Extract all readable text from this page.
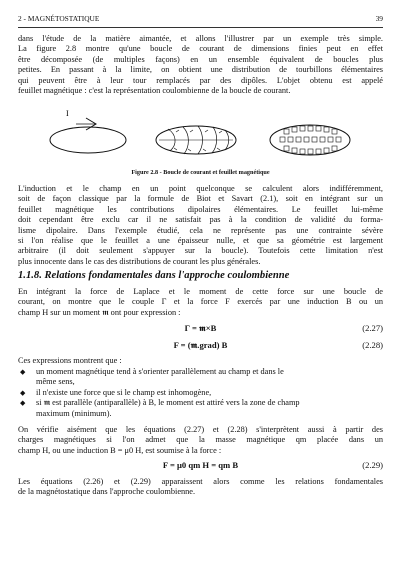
2 - MAGNÉTOSTATIQUE	39
dans l'étude de la matière aimantée, et allons l'illustrer par un exemple très simple.
La figure 2.8 montre qu'une boucle de courant de dimensions finies peut en effet
être décomposée (de multiples façons) en un ensemble équivalent de boucles plus
petites. En passant à la limite, on obtient une distribution de tourbillons élémentaires
qui peuvent être à leur tour remplacés par des dipôles. L'objet obtenu est appelé
feuillet magnétique : c'est la représentation coulombienne de la boucle de courant.
I
Figure 2.8 - Boucle de courant et feuillet magnétique
L'induction et le champ en un point quelconque se calculent alors indifféremment,
soit de façon classique par la formule de Biot et Savart (2.1), soit en intégrant sur un
feuillet magnétique les contributions dipolaires élémentaires. Le feuillet lui-même
doit cependant être exclu car il ne satisfait pas à la condition de validité du forma-
lisme dipolaire. Dans l'exemple étudié, cela ne représente pas une contrainte sévère
si l'on réalise que le feuillet a une épaisseur nulle, et que sa géométrie est largement
arbitraire (il doit seulement s'appuyer sur la boucle). Toutefois cette limitation n'est
plus innocente dans le cas des distributions de courant les plus générales.
1.1.8. Relations fondamentales dans l'approche coulombienne
En intégrant la force de Laplace et le moment de cette force sur une boucle de
courant, on montre que le couple Γ et la force F exercés par une induction B ou un
champ H sur un moment 𝖒 ont pour expression :
Γ = 𝖒×B	(2.27)
F = (𝖒.grad) B	(2.28)
Ces expressions montrent que :
◆ un moment magnétique tend à s'orienter parallèlement au champ et dans le
même sens,
◆ il n'existe une force que si le champ est inhomogène,
◆ si 𝖒 est parallèle (antiparallèle) à B, le moment est attiré vers la zone de champ
maximum (minimum).
On vérifie aisément que les équations (2.27) et (2.28) s'interprètent aussi à partir des
charges magnétiques si l'on admet que la masse magnétique qm placée dans un
champ H, ou une induction B = μ0 H, est soumise à la force :
F = μ0 qm H = qm B	(2.29)
Les équations (2.26) et (2.29) apparaissent alors comme les relations fondamentales
de la magnétostatique dans l'approche coulombienne.
